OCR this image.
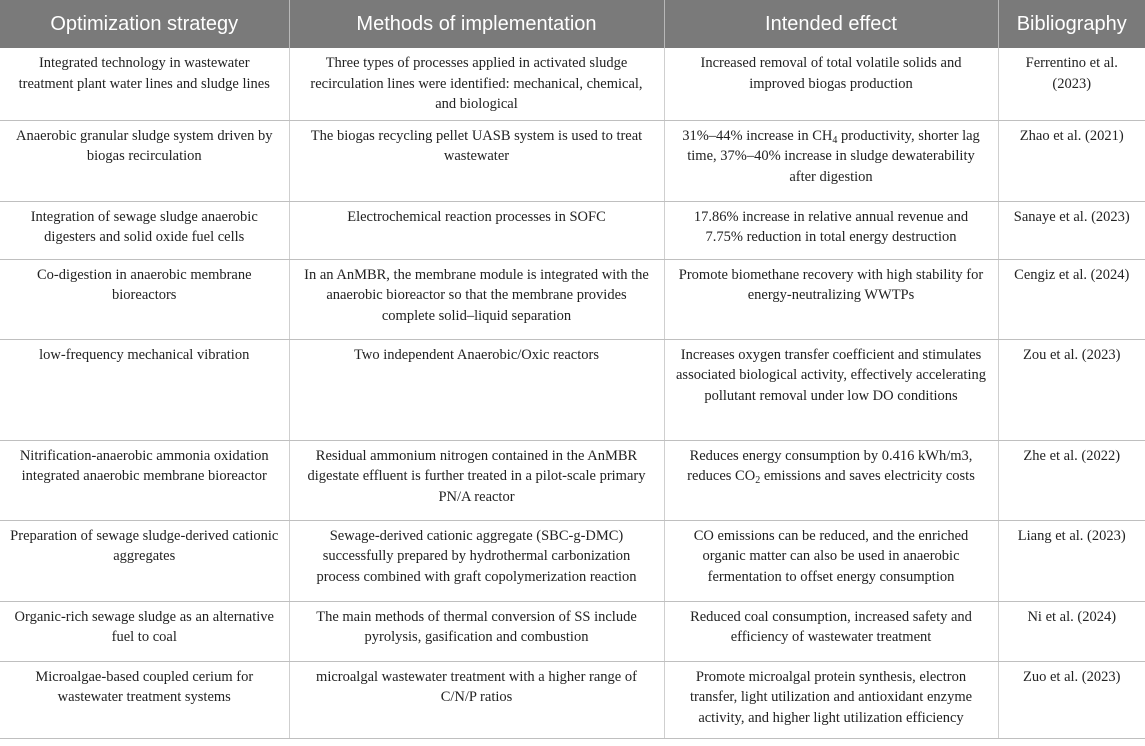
Optimization strategy	Methods of implementation	Intended effect	Bibliography
Integrated technology in wastewater treatment plant water lines and sludge lines	Three types of processes applied in activated sludge recirculation lines were identified: mechanical, chemical, and biological	Increased removal of total volatile solids and improved biogas production	Ferrentino et al. (2023)
Anaerobic granular sludge system driven by biogas recirculation	The biogas recycling pellet UASB system is used to treat wastewater	31%–44% increase in $CH_4$ productivity, shorter lag time, 37%–40% increase in sludge dewaterability after digestion	Zhao et al. (2021)
Integration of sewage sludge anaerobic digesters and solid oxide fuel cells	Electrochemical reaction processes in SOFC	17.86% increase in relative annual revenue and 7.75% reduction in total energy destruction	Sanaye et al. (2023)
Co-digestion in anaerobic membrane bioreactors	In an AnMBR, the membrane module is integrated with the anaerobic bioreactor so that the membrane provides complete solid–liquid separation	Promote biomethane recovery with high stability for energy-neutralizing WWTPs	Cengiz et al. (2024)
low-frequency mechanical vibration	Two independent Anaerobic/Oxic reactors	Increases oxygen transfer coefficient and stimulates associated biological activity, effectively accelerating pollutant removal under low DO conditions	Zou et al. (2023)
Nitrification-anaerobic ammonia oxidation integrated anaerobic membrane bioreactor	Residual ammonium nitrogen contained in the AnMBR digestate effluent is further treated in a pilot-scale primary PN/A reactor	Reduces energy consumption by 0.416 kWh/m3, reduces $CO_2$ emissions and saves electricity costs	Zhe et al. (2022)
Preparation of sewage sludge-derived cationic aggregates	Sewage-derived cationic aggregate (SBC-g-DMC) successfully prepared by hydrothermal carbonization process combined with graft copolymerization reaction	CO emissions can be reduced, and the enriched organic matter can also be used in anaerobic fermentation to offset energy consumption	Liang et al. (2023)
Organic-rich sewage sludge as an alternative fuel to coal	The main methods of thermal conversion of SS include pyrolysis, gasification and combustion	Reduced coal consumption, increased safety and efficiency of wastewater treatment	Ni et al. (2024)
Microalgae-based coupled cerium for wastewater treatment systems	microalgal wastewater treatment with a higher range of C/N/P ratios	Promote microalgal protein synthesis, electron transfer, light utilization and antioxidant enzyme activity, and higher light utilization efficiency	Zuo et al. (2023)
